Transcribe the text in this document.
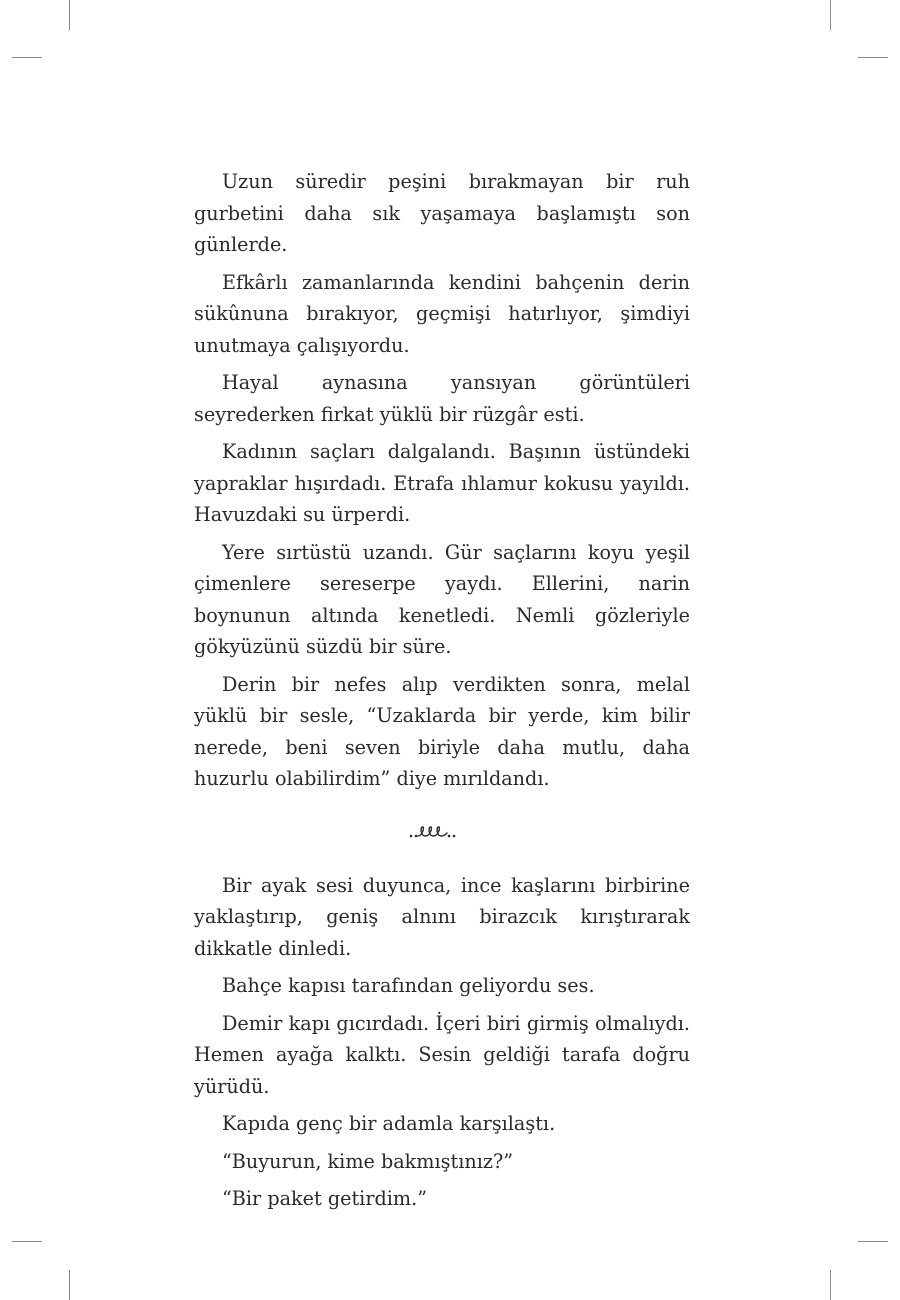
Uzun süredir peşini bırakmayan bir ruh gurbetini daha sık yaşamaya başlamıştı son günlerde.

Efkârlı zamanlarında kendini bahçenin derin sükûnuna bırakıyor, geçmişi hatırlıyor, şimdiyi unutmaya çalışıyordu.

Hayal aynasına yansıyan görüntüleri seyrederken firkat yüklü bir rüzgâr esti.

Kadının saçları dalgalandı. Başının üstündeki yapraklar hışırdadı. Etrafa ıhlamur kokusu yayıldı. Havuzdaki su ürperdi.

Yere sırtüstü uzandı. Gür saçlarını koyu yeşil çimenlere sereserpe yaydı. Ellerini, narin boynunun altında kenetledi. Nemli gözleriyle gökyüzünü süzdü bir süre.

Derin bir nefes alıp verdikten sonra, melal yüklü bir sesle, “Uzaklarda bir yerde, kim bilir nerede, beni seven biriyle daha mutlu, daha huzurlu olabilirdim” diye mırıldandı.

Bir ayak sesi duyunca, ince kaşlarını birbirine yaklaştırıp, geniş alnını birazcık kırıştırarak dikkatle dinledi.

Bahçe kapısı tarafından geliyordu ses.

Demir kapı gıcırdadı. İçeri biri girmiş olmalıydı. Hemen ayağa kalktı. Sesin geldiği tarafa doğru yürüdü.

Kapıda genç bir adamla karşılaştı.

“Buyurun, kime bakmıştınız?”

“Bir paket getirdim.”
